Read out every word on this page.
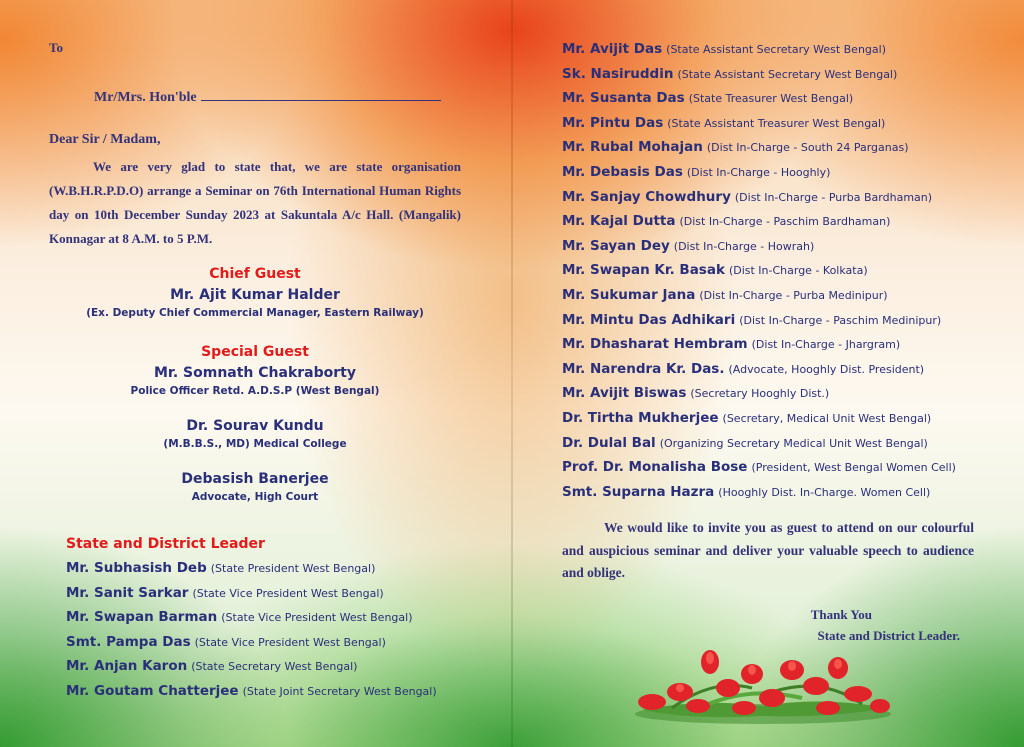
To
Mr/Mrs. Hon'ble
Dear Sir / Madam,
We are very glad to state that, we are state organisation (W.B.H.R.P.D.O) arrange a Seminar on 76th International Human Rights day on 10th December Sunday 2023 at Sakuntala A/c Hall. (Mangalik) Konnagar at 8 A.M. to 5 P.M.
Chief Guest
Mr. Ajit Kumar Halder
(Ex. Deputy Chief Commercial Manager, Eastern Railway)
Special Guest
Mr. Somnath Chakraborty
Police Officer Retd. A.D.S.P (West Bengal)
Dr. Sourav Kundu
(M.B.B.S., MD) Medical College
Debasish Banerjee
Advocate, High Court
State and District Leader
Mr. Subhasish Deb (State President West Bengal)
Mr. Sanit Sarkar (State Vice President West Bengal)
Mr. Swapan Barman (State Vice President West Bengal)
Smt. Pampa Das (State Vice President West Bengal)
Mr. Anjan Karon (State Secretary West Bengal)
Mr. Goutam Chatterjee (State Joint Secretary West Bengal)
Mr. Avijit Das (State Assistant Secretary West Bengal)
Sk. Nasiruddin (State Assistant Secretary West Bengal)
Mr. Susanta Das (State Treasurer West Bengal)
Mr. Pintu Das (State Assistant Treasurer West Bengal)
Mr. Rubal Mohajan (Dist In-Charge - South 24 Parganas)
Mr. Debasis Das (Dist In-Charge - Hooghly)
Mr. Sanjay Chowdhury (Dist In-Charge - Purba Bardhaman)
Mr. Kajal Dutta (Dist In-Charge - Paschim Bardhaman)
Mr. Sayan Dey (Dist In-Charge - Howrah)
Mr. Swapan Kr. Basak (Dist In-Charge - Kolkata)
Mr. Sukumar Jana (Dist In-Charge - Purba Medinipur)
Mr. Mintu Das Adhikari (Dist In-Charge - Paschim Medinipur)
Mr. Dhasharat Hembram (Dist In-Charge - Jhargram)
Mr. Narendra Kr. Das. (Advocate, Hooghly Dist. President)
Mr. Avijit Biswas (Secretary Hooghly Dist.)
Dr. Tirtha Mukherjee (Secretary, Medical Unit West Bengal)
Dr. Dulal Bal (Organizing Secretary Medical Unit West Bengal)
Prof. Dr. Monalisha Bose (President, West Bengal Women Cell)
Smt. Suparna Hazra (Hooghly Dist. In-Charge. Women Cell)
We would like to invite you as guest to attend on our colourful and auspicious seminar and deliver your valuable speech to audience and oblige.
Thank You
State and District Leader.
